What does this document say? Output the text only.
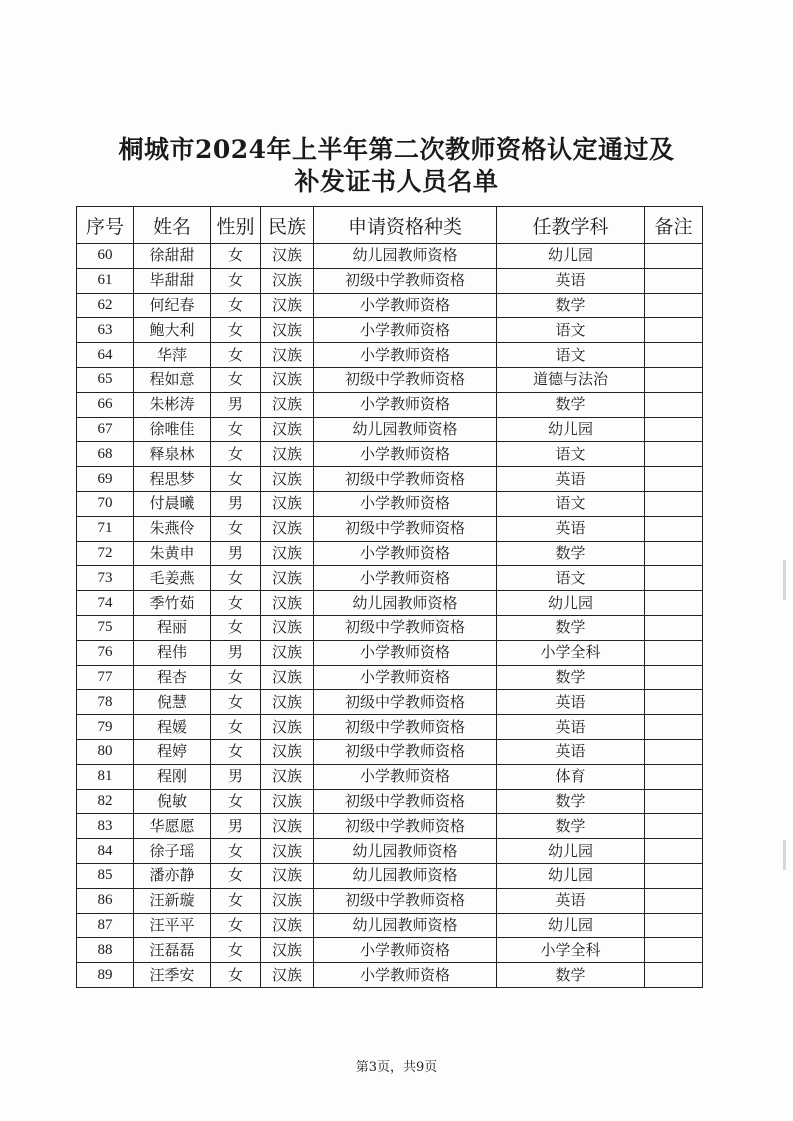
桐城市2024年上半年第二次教师资格认定通过及
补发证书人员名单
序号	姓名	性别	民族	申请资格种类	任教学科	备注
60	徐甜甜	女	汉族	幼儿园教师资格	幼儿园	
61	毕甜甜	女	汉族	初级中学教师资格	英语	
62	何纪春	女	汉族	小学教师资格	数学	
63	鲍大利	女	汉族	小学教师资格	语文	
64	华萍	女	汉族	小学教师资格	语文	
65	程如意	女	汉族	初级中学教师资格	道德与法治	
66	朱彬涛	男	汉族	小学教师资格	数学	
67	徐唯佳	女	汉族	幼儿园教师资格	幼儿园	
68	释泉林	女	汉族	小学教师资格	语文	
69	程思梦	女	汉族	初级中学教师资格	英语	
70	付晨曦	男	汉族	小学教师资格	语文	
71	朱燕伶	女	汉族	初级中学教师资格	英语	
72	朱黄申	男	汉族	小学教师资格	数学	
73	毛姜燕	女	汉族	小学教师资格	语文	
74	季竹茹	女	汉族	幼儿园教师资格	幼儿园	
75	程丽	女	汉族	初级中学教师资格	数学	
76	程伟	男	汉族	小学教师资格	小学全科	
77	程杏	女	汉族	小学教师资格	数学	
78	倪慧	女	汉族	初级中学教师资格	英语	
79	程媛	女	汉族	初级中学教师资格	英语	
80	程婷	女	汉族	初级中学教师资格	英语	
81	程刚	男	汉族	小学教师资格	体育	
82	倪敏	女	汉族	初级中学教师资格	数学	
83	华愿愿	男	汉族	初级中学教师资格	数学	
84	徐子瑶	女	汉族	幼儿园教师资格	幼儿园	
85	潘亦静	女	汉族	幼儿园教师资格	幼儿园	
86	汪新璇	女	汉族	初级中学教师资格	英语	
87	汪平平	女	汉族	幼儿园教师资格	幼儿园	
88	汪磊磊	女	汉族	小学教师资格	小学全科	
89	汪季安	女	汉族	小学教师资格	数学	
第3页，共9页
